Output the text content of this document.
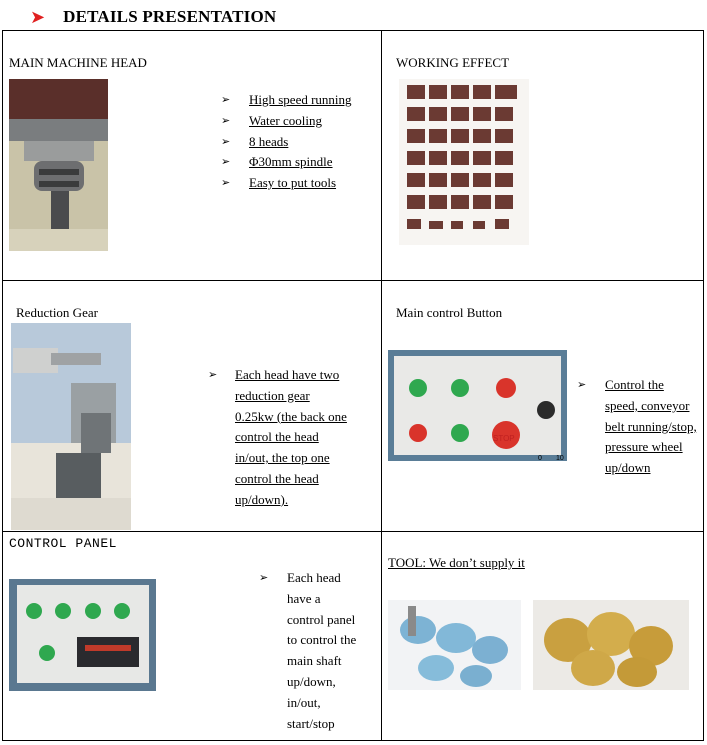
➤ DETAILS PRESENTATION
MAIN MACHINE HEAD
➢ High speed running
➢ Water cooling
➢ 8 heads
➢ Φ30mm spindle
➢ Easy to put tools
WORKING EFFECT
Reduction Gear
➢ Each head have two reduction gear 0.25kw (the back one control the head in/out, the top one control the head up/down).
Main control Button
STOP
0 10
➢ Control the speed, conveyor belt running/stop, pressure wheel up/down
CONTROL PANEL
➢ Each head have a control panel to control the main shaft up/down, in/out, start/stop
TOOL: We don’t supply it
